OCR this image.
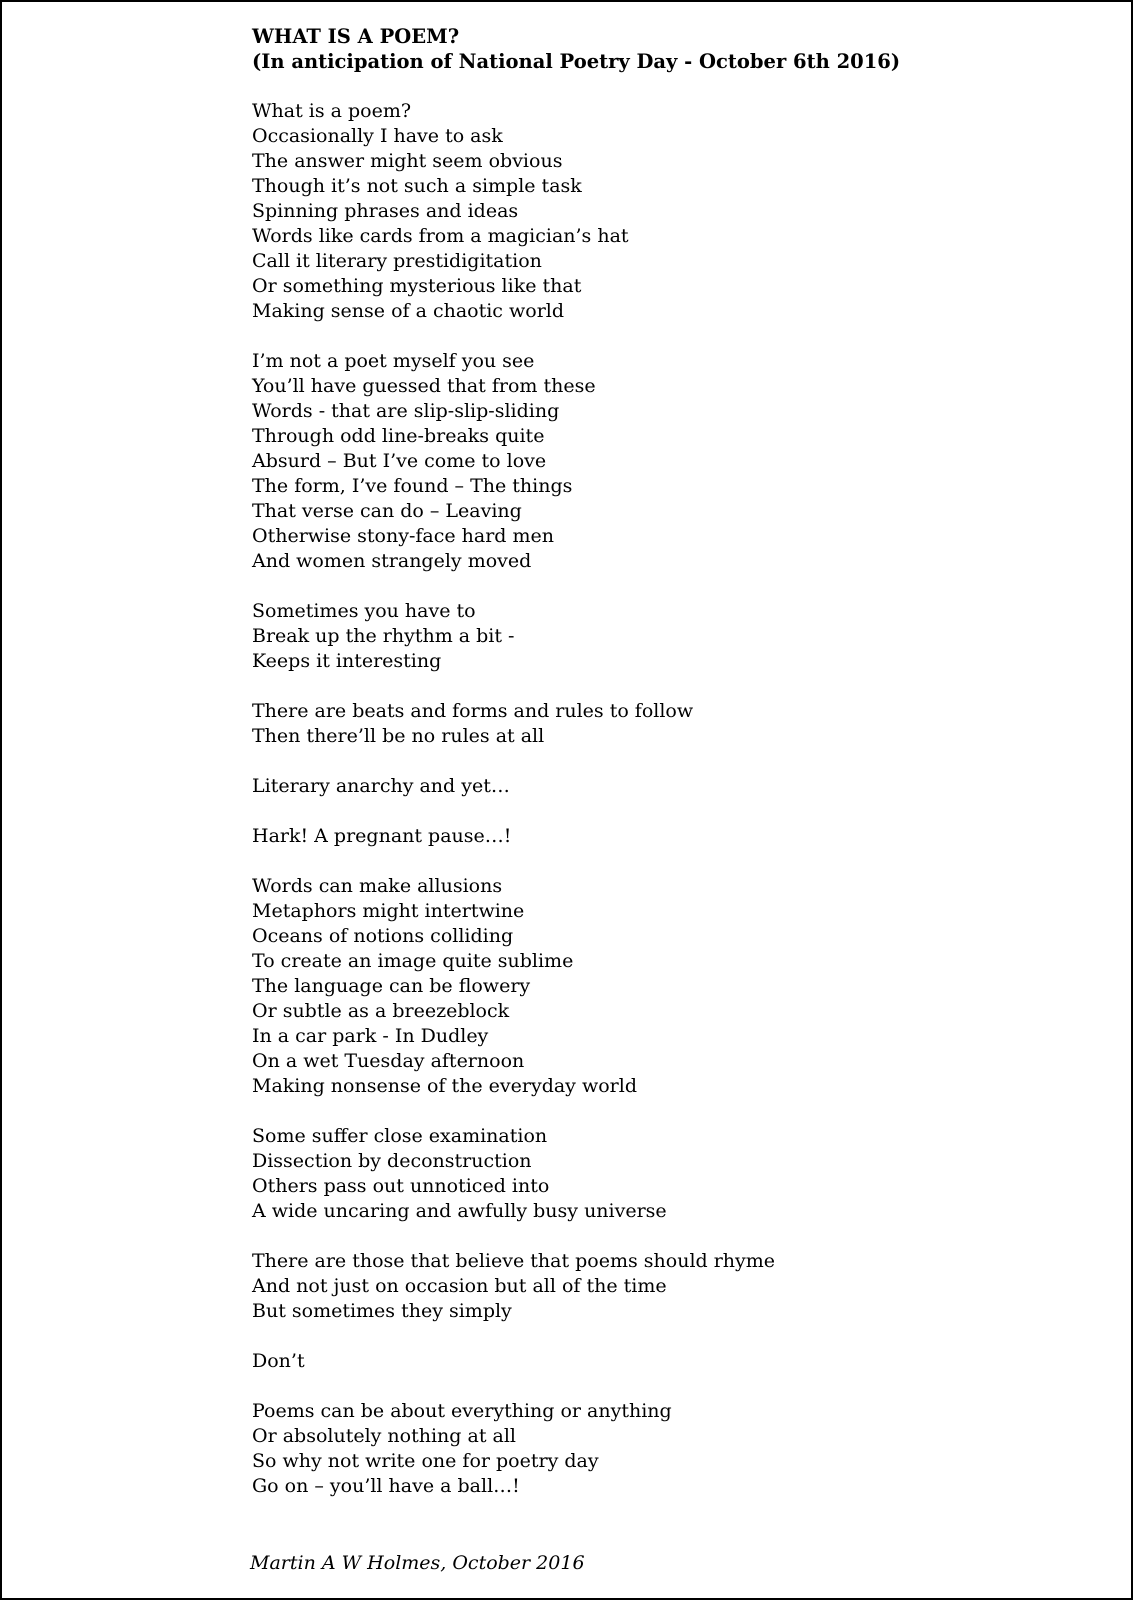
WHAT IS A POEM?
(In anticipation of National Poetry Day - October 6th 2016)
What is a poem?
Occasionally I have to ask
The answer might seem obvious
Though it’s not such a simple task
Spinning phrases and ideas
Words like cards from a magician’s hat
Call it literary prestidigitation
Or something mysterious like that
Making sense of a chaotic world
I’m not a poet myself you see
You’ll have guessed that from these
Words - that are slip-slip-sliding
Through odd line-breaks quite
Absurd – But I’ve come to love
The form, I’ve found – The things
That verse can do – Leaving
Otherwise stony-face hard men
And women strangely moved
Sometimes you have to
Break up the rhythm a bit -
Keeps it interesting
There are beats and forms and rules to follow
Then there’ll be no rules at all
Literary anarchy and yet…
Hark! A pregnant pause…!
Words can make allusions
Metaphors might intertwine
Oceans of notions colliding
To create an image quite sublime
The language can be flowery
Or subtle as a breezeblock
In a car park - In Dudley
On a wet Tuesday afternoon
Making nonsense of the everyday world
Some suffer close examination
Dissection by deconstruction
Others pass out unnoticed into
A wide uncaring and awfully busy universe
There are those that believe that poems should rhyme
And not just on occasion but all of the time
But sometimes they simply
Don’t
Poems can be about everything or anything
Or absolutely nothing at all
So why not write one for poetry day
Go on – you’ll have a ball…!
Martin A W Holmes, October 2016
